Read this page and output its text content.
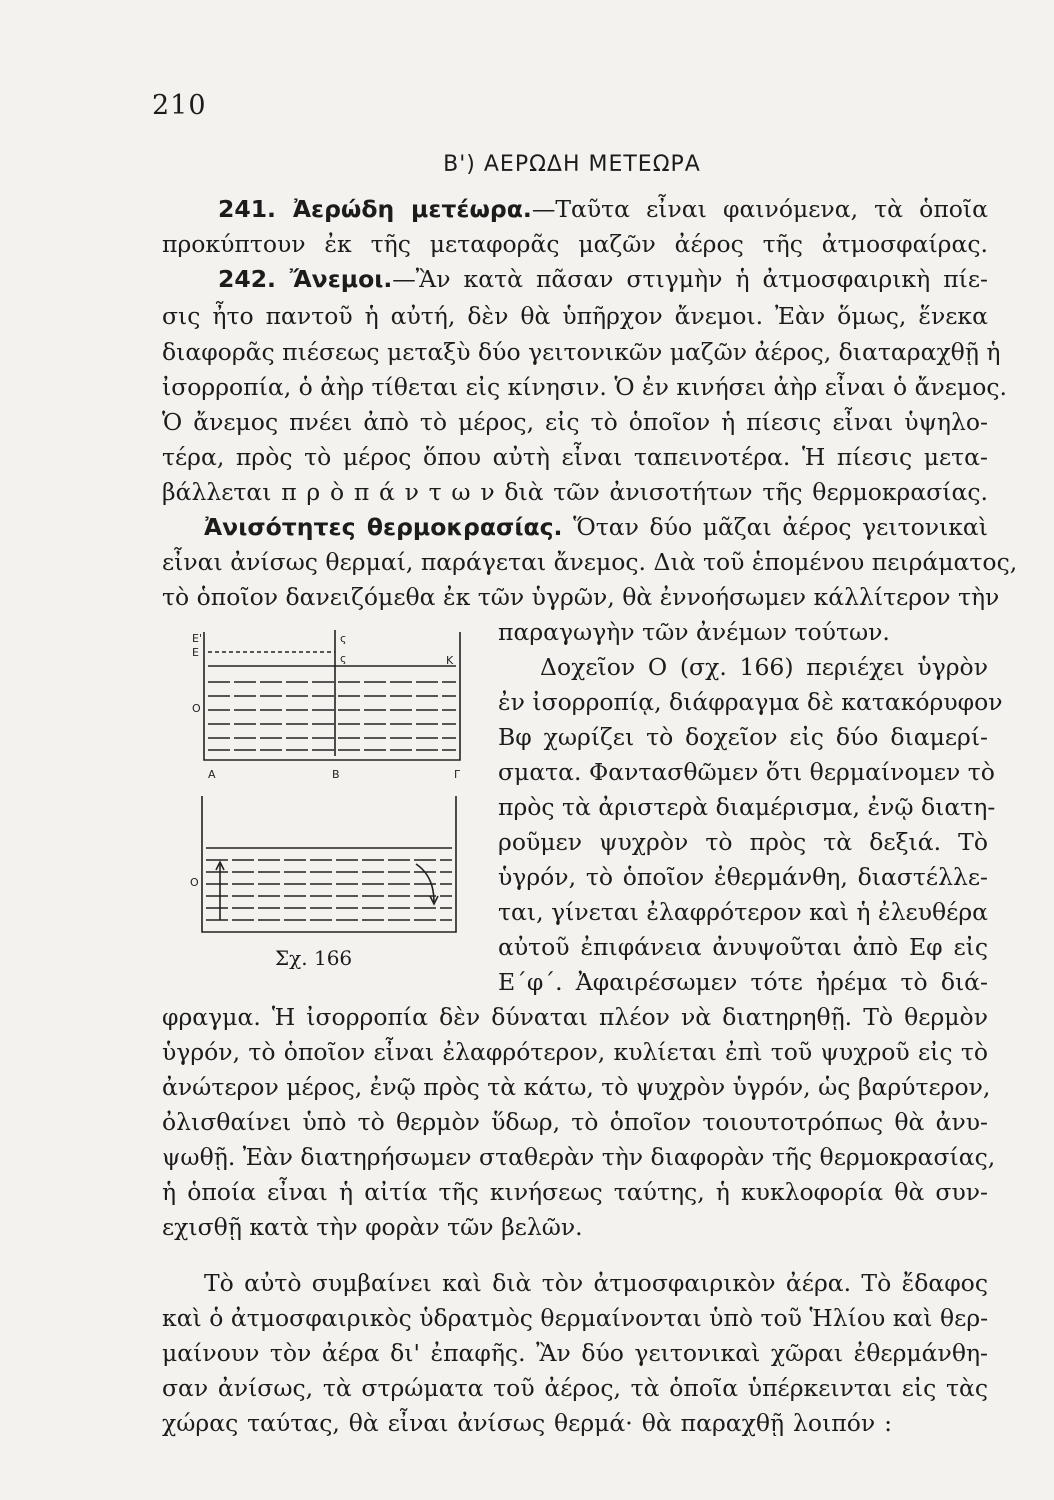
210
Β') ΑΕΡΩΔΗ ΜΕΤΕΩΡΑ
241. Ἀερώδη μετέωρα.—Ταῦτα εἶναι φαινόμενα, τὰ ὁποῖα
προκύπτουν ἐκ τῆς μεταφορᾶς μαζῶν ἀέρος τῆς ἀτμοσφαίρας.
242. Ἄνεμοι.—Ἂν κατὰ πᾶσαν στιγμὴν ἡ ἀτμοσφαιρικὴ πίε-
σις ἦτο παντοῦ ἡ αὐτή, δὲν θὰ ὑπῆρχον ἄνεμοι. Ἐὰν ὅμως, ἕνεκα
διαφορᾶς πιέσεως μεταξὺ δύο γειτονικῶν μαζῶν ἀέρος, διαταραχθῇ ἡ
ἰσορροπία, ὁ ἀὴρ τίθεται εἰς κίνησιν. Ὁ ἐν κινήσει ἀὴρ εἶναι ὁ ἄνεμος.
Ὁ ἄνεμος πνέει ἀπὸ τὸ μέρος, εἰς τὸ ὁποῖον ἡ πίεσις εἶναι ὑψηλο-
τέρα, πρὸς τὸ μέρος ὅπου αὐτὴ εἶναι ταπεινοτέρα. Ἡ πίεσις μετα-
βάλλεται π ρ ὸ π ά ν τ ω ν διὰ τῶν ἀνισοτήτων τῆς θερμοκρασίας.
Ἀνισότητες θερμοκρασίας. Ὅταν δύο μᾶζαι ἀέρος γειτονικαὶ
εἶναι ἀνίσως θερμαί, παράγεται ἄνεμος. Διὰ τοῦ ἑπομένου πειράματος,
τὸ ὁποῖον δανειζόμεθα ἐκ τῶν ὑγρῶν, θὰ ἐννοήσωμεν κάλλίτερον τὴν
παραγωγὴν τῶν ἀνέμων τούτων.
Δοχεῖον Ο (σχ. 166) περιέχει ὑγρὸν
ἐν ἰσορροπίᾳ, διάφραγμα δὲ κατακόρυφον
Βφ χωρίζει τὸ δοχεῖον εἰς δύο διαμερί-
σματα. Φαντασθῶμεν ὅτι θερμαίνομεν τὸ
πρὸς τὰ ἀριστερὰ διαμέρισμα, ἐνῷ διατη-
ροῦμεν ψυχρὸν τὸ πρὸς τὰ δεξιά. Τὸ
ὑγρόν, τὸ ὁποῖον ἐθερμάνθη, διαστέλλε-
ται, γίνεται ἐλαφρότερον καὶ ἡ ἐλευθέρα
αὐτοῦ ἐπιφάνεια ἀνυψοῦται ἀπὸ Εφ εἰς
Ε΄φ΄. Ἀφαιρέσωμεν τότε ἠρέμα τὸ διά-
Ε'
Ε
Ο
Α	Β	Γ
Κ
ς
ς
Ο
Σχ. 166
φραγμα. Ἡ ἰσορροπία δὲν δύναται πλέον νὰ διατηρηθῇ. Τὸ θερμὸν
ὑγρόν, τὸ ὁποῖον εἶναι ἐλαφρότερον, κυλίεται ἐπὶ τοῦ ψυχροῦ εἰς τὸ
ἀνώτερον μέρος, ἐνῷ πρὸς τὰ κάτω, τὸ ψυχρὸν ὑγρόν, ὡς βαρύτερον,
ὀλισθαίνει ὑπὸ τὸ θερμὸν ὕδωρ, τὸ ὁποῖον τοιουτοτρόπως θὰ ἀνυ-
ψωθῇ. Ἐὰν διατηρήσωμεν σταθερὰν τὴν διαφορὰν τῆς θερμοκρασίας,
ἡ ὁποία εἶναι ἡ αἰτία τῆς κινήσεως ταύτης, ἡ κυκλοφορία θὰ συν-
εχισθῇ κατὰ τὴν φορὰν τῶν βελῶν.
Τὸ αὐτὸ συμβαίνει καὶ διὰ τὸν ἀτμοσφαιρικὸν ἀέρα. Τὸ ἔδαφος
καὶ ὁ ἀτμοσφαιρικὸς ὑδρατμὸς θερμαίνονται ὑπὸ τοῦ Ἡλίου καὶ θερ-
μαίνουν τὸν ἀέρα δι' ἐπαφῆς. Ἂν δύο γειτονικαὶ χῶραι ἐθερμάνθη-
σαν ἀνίσως, τὰ στρώματα τοῦ ἀέρος, τὰ ὁποῖα ὑπέρκεινται εἰς τὰς
χώρας ταύτας, θὰ εἶναι ἀνίσως θερμά· θὰ παραχθῇ λοιπόν :
